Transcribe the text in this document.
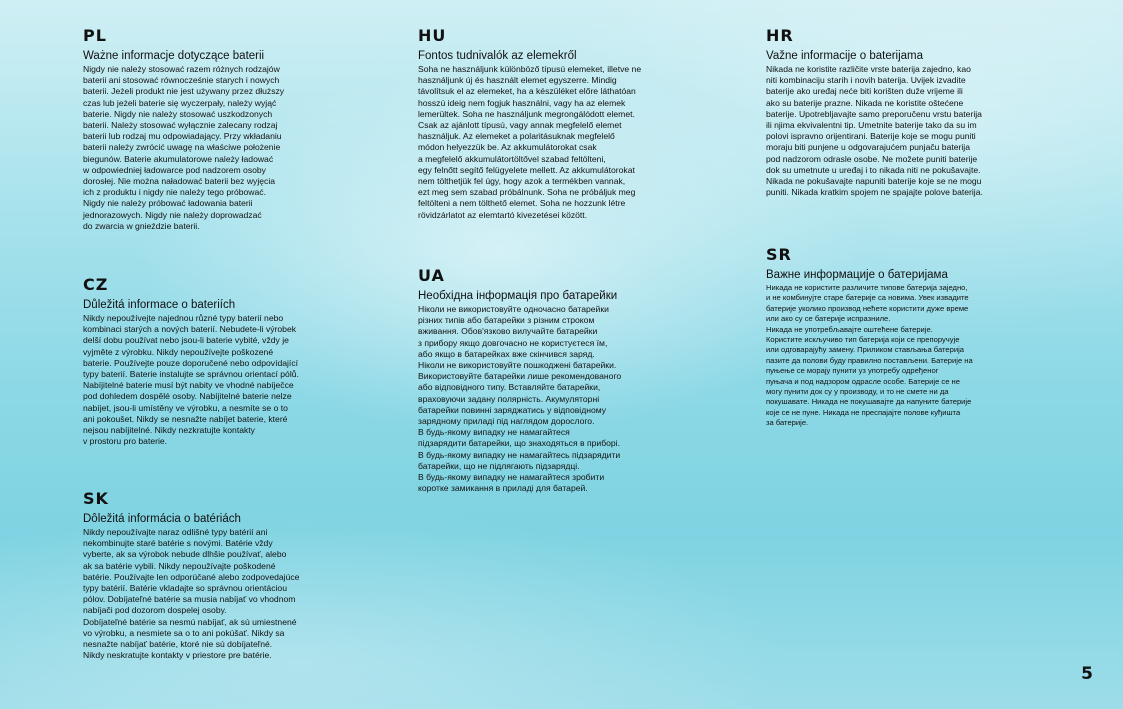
PL
Ważne informacje dotyczące baterii

Nigdy nie należy stosować razem różnych rodzajów
baterii ani stosować równocześnie starych i nowych
baterii. Jeżeli produkt nie jest używany przez dłuższy
czas lub jeżeli baterie się wyczerpały, należy wyjąć
baterie. Nigdy nie należy stosować uszkodzonych
baterii. Należy stosować wyłącznie zalecany rodzaj
baterii lub rodzaj mu odpowiadający. Przy wkładaniu
baterii należy zwrócić uwagę na właściwe położenie
biegunów. Baterie akumulatorowe należy ładować
w odpowiedniej ładowarce pod nadzorem osoby
dorosłej. Nie można naładować baterii bez wyjęcia
ich z produktu i nigdy nie należy tego próbować.
Nigdy nie należy próbować ładowania baterii
jednorazowych. Nigdy nie należy doprowadzać
do zwarcia w gnieździe baterii.

CZ
Důležitá informace o bateriích

Nikdy nepoužívejte najednou různé typy baterií nebo
kombinaci starých a nových baterií. Nebudete-li výrobek
delší dobu používat nebo jsou-li baterie vybité, vždy je
vyjměte z výrobku. Nikdy nepoužívejte poškozené
baterie. Používejte pouze doporučené nebo odpovídající
typy baterií. Baterie instalujte se správnou orientací pólů.
Nabíjitelné baterie musí být nabity ve vhodné nabíječce
pod dohledem dospělé osoby. Nabíjitelné baterie nelze
nabíjet, jsou-li umístěny ve výrobku, a nesmíte se o to
ani pokoušet. Nikdy se nesnažte nabíjet baterie, které
nejsou nabíjitelné. Nikdy nezkratujte kontakty
v prostoru pro baterie.

SK
Dôležitá informácia o batériách

Nikdy nepoužívajte naraz odlišné typy batérií ani
nekombinujte staré batérie s novými. Batérie vždy
vyberte, ak sa výrobok nebude dlhšie používať, alebo
ak sa batérie vybili. Nikdy nepoužívajte poškodené
batérie. Používajte len odporúčané alebo zodpovedajúce
typy batérií. Batérie vkladajte so správnou orientáciou
pólov. Dobíjateľné batérie sa musia nabíjať vo vhodnom
nabíjači pod dozorom dospelej osoby.
Dobíjateľné batérie sa nesmú nabíjať, ak sú umiestnené
vo výrobku, a nesmiete sa o to ani pokúšať. Nikdy sa
nesnažte nabíjať batérie, ktoré nie sú dobíjateľné.
Nikdy neskratujte kontakty v priestore pre batérie.

HU
Fontos tudnivalók az elemekről

Soha ne használjunk különböző típusú elemeket, illetve ne
használjunk új és használt elemet egyszerre. Mindig
távolítsuk el az elemeket, ha a készüléket előre láthatóan
hosszú ideig nem fogjuk használni, vagy ha az elemek
lemerültek. Soha ne használjunk megrongálódott elemet.
Csak az ajánlott típusú, vagy annak megfelelő elemet
használjuk. Az elemeket a polaritásuknak megfelelő
módon helyezzük be. Az akkumulátorokat csak
a megfelelő akkumulátortöltővel szabad feltölteni,
egy felnőtt segítő felügyelete mellett. Az akkumulátorokat
nem tölthetjük fel úgy, hogy azok a termékben vannak,
ezt meg sem szabad próbálnunk. Soha ne próbáljuk meg
feltölteni a nem tölthető elemet. Soha ne hozzunk létre
rövidzárlatot az elemtartó kivezetései között.

UA
Необхідна інформація про батарейки

Ніколи не використовуйте одночасно батарейки
різних типів або батарейки з різним строком
вживання. Обов'язково вилучайте батарейки
з прибору якщо довгочасно не користуєтеся їм,
або якщо в батарейках вже скінчився заряд.
Ніколи не використовуйте пошкоджені батарейки.
Використовуйте батарейки лише рекомендованого
або відповідного типу. Вставляйте батарейки,
враховуючи задану полярність. Акумуляторні
батарейки повинні заряджатись у відповідному
зарядному приладі під наглядом дорослого.
В будь-якому випадку не намагайтеся
підзарядити батарейки, що знаходяться в приборі.
В будь-якому випадку не намагайтесь підзарядити
батарейки, що не підлягають підзарядці.
В будь-якому випадку не намагайтеся зробити
коротке замикання в приладі для батарей.

HR
Važne informacije o baterijama

Nikada ne koristite različite vrste baterija zajedno, kao
niti kombinaciju starih i novih baterija. Uvijek izvadite
baterije ako uređaj neće biti korišten duže vrijeme ili
ako su baterije prazne. Nikada ne koristite oštećene
baterije. Upotrebljavajte samo preporučenu vrstu baterija
ili njima ekvivalentni tip. Umetnite baterije tako da su im
polovi ispravno orijentirani. Baterije koje se mogu puniti
moraju biti punjene u odgovarajućem punjaču baterija
pod nadzorom odrasle osobe. Ne možete puniti baterije
dok su umetnute u uređaj i to nikada niti ne pokušavajte.
Nikada ne pokušavajte napuniti baterije koje se ne mogu
puniti. Nikada kratkim spojem ne spajajte polove baterija.

SR
Важне информације о батеријама

Никада не користите различите типове батерија заједно,
и не комбинујте старе батерије са новима. Увек извадите
батерије уколико производ нећете користити дуже време
или ако су се батерије испразниле.
Никада не употребљавајте оштећене батерије.
Користите искључиво тип батерија који се препоручује
или одговарајућу замену. Приликом стављања батерија
пазите да полови буду правилно постављени. Батерије на
пуњење се морају пунити уз употребу одређеног
пуњача и под надзором одрасле особе. Батерије се не
могу пунити док су у производу, и то не смете ни да
покушавате. Никада не покушавајте да напуните батерије
које се не пуне. Никада не преспајајте полове куђишта
за батерије.

5
